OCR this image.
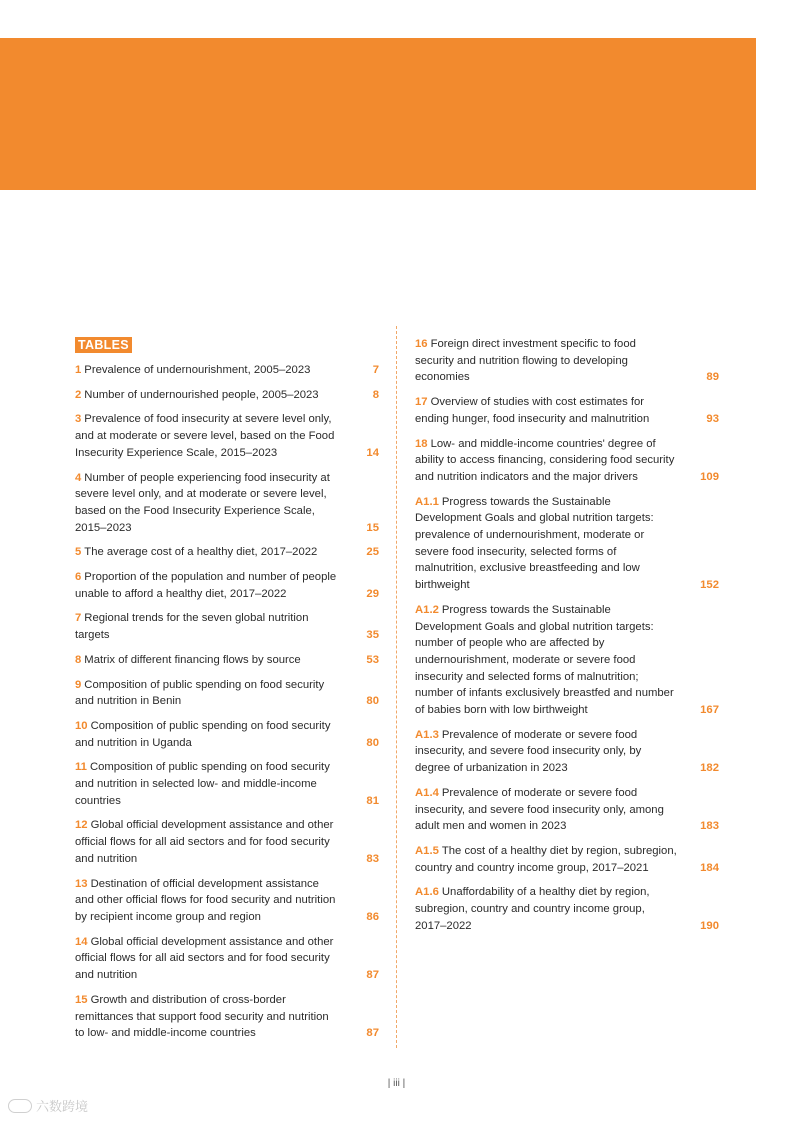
TABLES
1 Prevalence of undernourishment, 2005–2023	7
2 Number of undernourished people, 2005–2023	8
3 Prevalence of food insecurity at severe level only, and at moderate or severe level, based on the Food Insecurity Experience Scale, 2015–2023	14
4 Number of people experiencing food insecurity at severe level only, and at moderate or severe level, based on the Food Insecurity Experience Scale, 2015–2023	15
5 The average cost of a healthy diet, 2017–2022	25
6 Proportion of the population and number of people unable to afford a healthy diet, 2017–2022	29
7 Regional trends for the seven global nutrition targets	35
8 Matrix of different financing flows by source	53
9 Composition of public spending on food security and nutrition in Benin	80
10 Composition of public spending on food security and nutrition in Uganda	80
11 Composition of public spending on food security and nutrition in selected low- and middle-income countries	81
12 Global official development assistance and other official flows for all aid sectors and for food security and nutrition	83
13 Destination of official development assistance and other official flows for food security and nutrition by recipient income group and region	86
14 Global official development assistance and other official flows for all aid sectors and for food security and nutrition	87
15 Growth and distribution of cross-border remittances that support food security and nutrition to low- and middle-income countries	87
16 Foreign direct investment specific to food security and nutrition flowing to developing economies	89
17 Overview of studies with cost estimates for ending hunger, food insecurity and malnutrition	93
18 Low- and middle-income countries' degree of ability to access financing, considering food security and nutrition indicators and the major drivers	109
A1.1 Progress towards the Sustainable Development Goals and global nutrition targets: prevalence of undernourishment, moderate or severe food insecurity, selected forms of malnutrition, exclusive breastfeeding and low birthweight	152
A1.2 Progress towards the Sustainable Development Goals and global nutrition targets: number of people who are affected by undernourishment, moderate or severe food insecurity and selected forms of malnutrition; number of infants exclusively breastfed and number of babies born with low birthweight	167
A1.3 Prevalence of moderate or severe food insecurity, and severe food insecurity only, by degree of urbanization in 2023	182
A1.4 Prevalence of moderate or severe food insecurity, and severe food insecurity only, among adult men and women in 2023	183
A1.5 The cost of a healthy diet by region, subregion, country and country income group, 2017–2021	184
A1.6 Unaffordability of a healthy diet by region, subregion, country and country income group, 2017–2022	190
| iii |
六数跨境
